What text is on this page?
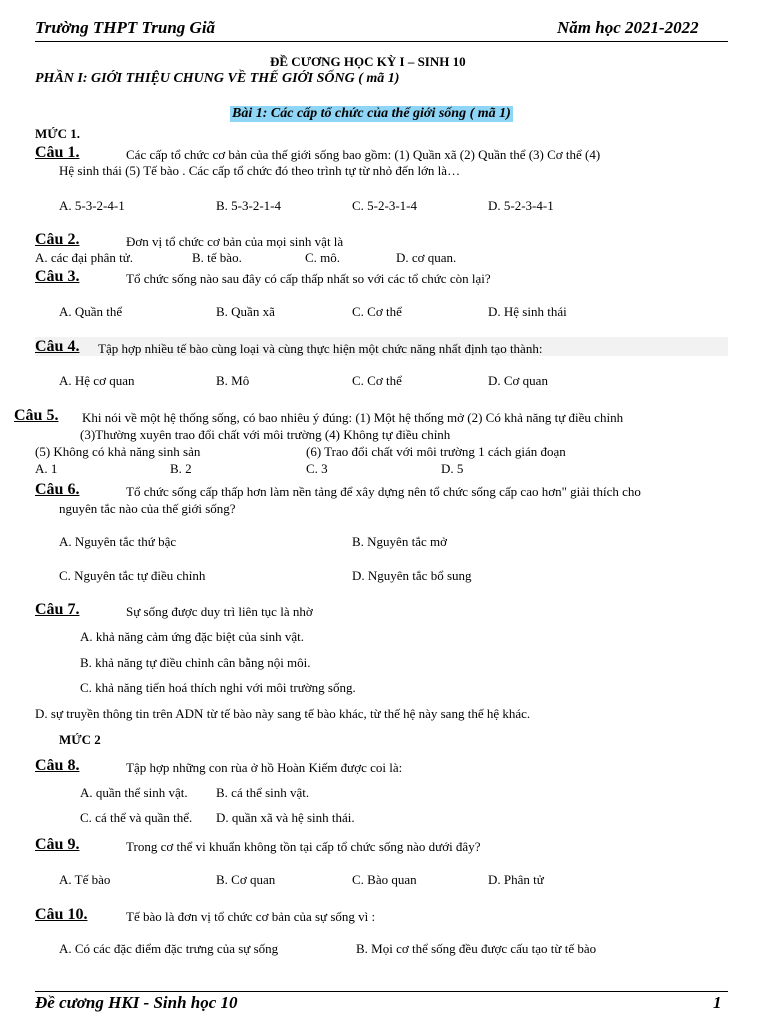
Trường THPT Trung Giã	Năm học 2021-2022
ĐỀ CƯƠNG HỌC KỲ I – SINH 10
PHẦN I: GIỚI THIỆU CHUNG VỀ THẾ GIỚI SỐNG ( mã 1)
Bài 1: Các cấp tổ chức của thế giới sống ( mã 1)
MỨC 1.
Câu 1.	Các cấp tổ chức cơ bản của thế giới sống bao gồm: (1) Quần xã (2) Quần thể (3) Cơ thể (4)
Hệ sinh thái (5) Tế bào . Các cấp tổ chức đó theo trình tự từ nhỏ đến lớn là…
A. 5-3-2-4-1	B. 5-3-2-1-4	C. 5-2-3-1-4	D. 5-2-3-4-1
Câu 2.	Đơn vị tổ chức cơ bản của mọi sinh vật là
A. các đại phân tử.	B. tế bào.	C. mô.	D. cơ quan.
Câu 3.	Tổ chức sống nào sau đây có cấp thấp nhất so với các tổ chức còn lại?
A. Quần thể	B. Quần xã	C. Cơ thể	D. Hệ sinh thái
Câu 4. Tập hợp nhiều tế bào cùng loại và cùng thực hiện một chức năng nhất định tạo thành:
A. Hệ cơ quan	B. Mô	C. Cơ thể	D. Cơ quan
Câu 5. Khi nói về một hệ thống sống, có bao nhiêu ý đúng: (1) Một hệ thống mở (2) Có khả năng tự điều chỉnh
(3)Thường xuyên trao đổi chất với môi trường (4) Không tự điều chỉnh
(5) Không có khả năng sinh sản	(6) Trao đổi chất với môi trường 1 cách gián đoạn
A. 1	B. 2	C. 3	D. 5
Câu 6.	Tổ chức sống cấp thấp hơn làm nền tảng để xây dựng nên tổ chức sống cấp cao hơn" giải thích cho
nguyên tắc nào của thế giới sống?
A. Nguyên tắc thứ bậc	B. Nguyên tắc mở
C. Nguyên tắc tự điều chỉnh	D. Nguyên tắc bổ sung
Câu 7.	Sự sống được duy trì liên tục là nhờ
A. khả năng cảm ứng đặc biệt của sinh vật.
B. khả năng tự điều chỉnh cân bằng nội môi.
C. khả năng tiến hoá thích nghi với môi trường sống.
D. sự truyền thông tin trên ADN từ tế bào này sang tế bào khác, từ thế hệ này sang thế hệ khác.
MỨC 2
Câu 8.	Tập hợp những con rùa ở hồ Hoàn Kiếm được coi là:
A. quần thể sinh vật. B. cá thể sinh vật.
C. cá thể và quần thể. D. quần xã và hệ sinh thái.
Câu 9.	Trong cơ thể vi khuẩn không tồn tại cấp tổ chức sống nào dưới đây?
A. Tế bào	B. Cơ quan	C. Bào quan	D. Phân tử
Câu 10.	Tế bào là đơn vị tổ chức cơ bản của sự sống vì :
A. Có các đặc điểm đặc trưng của sự sống	B. Mọi cơ thể sống đều được cấu tạo từ tế bào
Đề cương HKI - Sinh học 10	1
